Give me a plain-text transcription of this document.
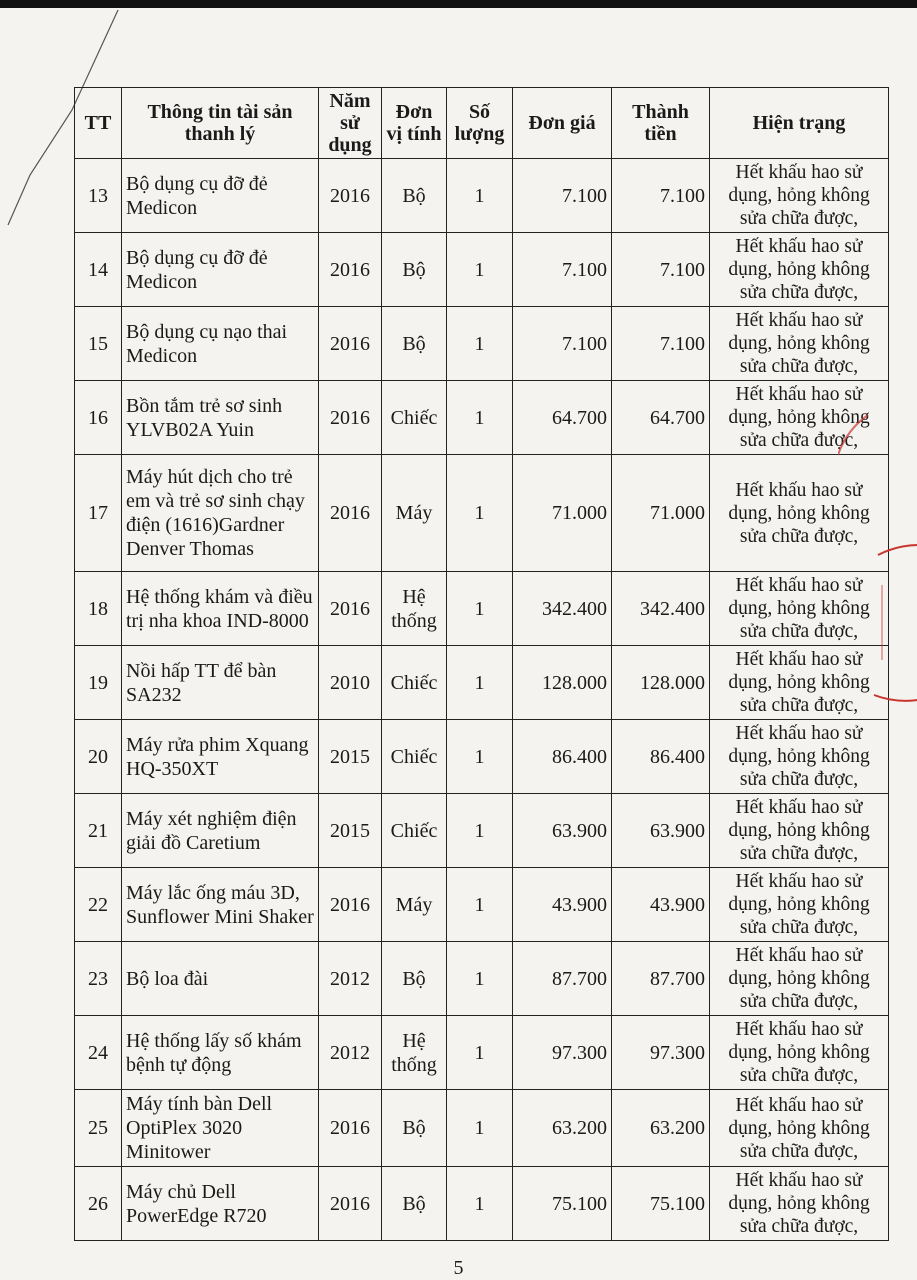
TT	Thông tin tài sản thanh lý	Năm sử dụng	Đơn vị tính	Số lượng	Đơn giá	Thành tiền	Hiện trạng
13	Bộ dụng cụ đỡ đẻ Medicon	2016	Bộ	1	7.100	7.100	Hết khấu hao sử dụng, hỏng không sửa chữa được,
14	Bộ dụng cụ đỡ đẻ Medicon	2016	Bộ	1	7.100	7.100	Hết khấu hao sử dụng, hỏng không sửa chữa được,
15	Bộ dụng cụ nạo thai Medicon	2016	Bộ	1	7.100	7.100	Hết khấu hao sử dụng, hỏng không sửa chữa được,
16	Bồn tắm trẻ sơ sinh YLVB02A Yuin	2016	Chiếc	1	64.700	64.700	Hết khấu hao sử dụng, hỏng không sửa chữa được,
17	Máy hút dịch cho trẻ em và trẻ sơ sinh chạy điện (1616)Gardner Denver Thomas	2016	Máy	1	71.000	71.000	Hết khấu hao sử dụng, hỏng không sửa chữa được,
18	Hệ thống khám và điều trị nha khoa IND-8000	2016	Hệ thống	1	342.400	342.400	Hết khấu hao sử dụng, hỏng không sửa chữa được,
19	Nồi hấp TT để bàn SA232	2010	Chiếc	1	128.000	128.000	Hết khấu hao sử dụng, hỏng không sửa chữa được,
20	Máy rửa phim Xquang HQ-350XT	2015	Chiếc	1	86.400	86.400	Hết khấu hao sử dụng, hỏng không sửa chữa được,
21	Máy xét nghiệm điện giải đồ Caretium	2015	Chiếc	1	63.900	63.900	Hết khấu hao sử dụng, hỏng không sửa chữa được,
22	Máy lắc ống máu 3D, Sunflower Mini Shaker	2016	Máy	1	43.900	43.900	Hết khấu hao sử dụng, hỏng không sửa chữa được,
23	Bộ loa đài	2012	Bộ	1	87.700	87.700	Hết khấu hao sử dụng, hỏng không sửa chữa được,
24	Hệ thống lấy số khám bệnh tự động	2012	Hệ thống	1	97.300	97.300	Hết khấu hao sử dụng, hỏng không sửa chữa được,
25	Máy tính bàn Dell OptiPlex 3020 Minitower	2016	Bộ	1	63.200	63.200	Hết khấu hao sử dụng, hỏng không sửa chữa được,
26	Máy chủ Dell PowerEdge R720	2016	Bộ	1	75.100	75.100	Hết khấu hao sử dụng, hỏng không sửa chữa được,
5
